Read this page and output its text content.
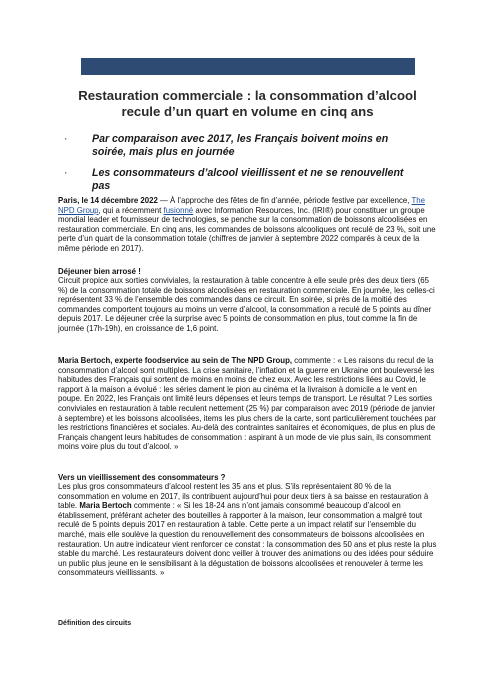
Restauration commerciale : la consommation d’alcool
recule d’un quart en volume en cinq ans
· Par comparaison avec 2017, les Français boivent moins en soirée, mais plus en journée
· Les consommateurs d’alcool vieillissent et ne se renouvellent pas
Paris, le 14 décembre 2022 — À l’approche des fêtes de fin d’année, période festive par excellence, The NPD Group, qui a récemment fusionné avec Information Resources, Inc. (IRI®) pour constituer un groupe mondial leader et fournisseur de technologies, se penche sur la consommation de boissons alcoolisées en restauration commerciale. En cinq ans, les commandes de boissons alcooliques ont reculé de 23 %, soit une perte d’un quart de la consommation totale (chiffres de janvier à septembre 2022 comparés à ceux de la même période en 2017).
Déjeuner bien arrosé !
Circuit propice aux sorties conviviales, la restauration à table concentre à elle seule près des deux tiers (65 %) de la consommation totale de boissons alcoolisées en restauration commerciale. En journée, les celles-ci représentent 33 % de l’ensemble des commandes dans ce circuit. En soirée, si près de la moitié des commandes comportent toujours au moins un verre d’alcool, la consommation a reculé de 5 points au dîner depuis 2017. Le déjeuner crée la surprise avec 5 points de consommation en plus, tout comme la fin de journée (17h-19h), en croissance de 1,6 point.
Maria Bertoch, experte foodservice au sein de The NPD Group, commente : « Les raisons du recul de la consommation d’alcool sont multiples. La crise sanitaire, l’inflation et la guerre en Ukraine ont bouleversé les habitudes des Français qui sortent de moins en moins de chez eux. Avec les restrictions liées au Covid, le rapport à la maison a évolué : les séries dament le pion au cinéma et la livraison à domicile a le vent en poupe. En 2022, les Français ont limité leurs dépenses et leurs temps de transport. Le résultat ? Les sorties conviviales en restauration à table reculent nettement (25 %) par comparaison avec 2019 (période de janvier à septembre) et les boissons alcoolisées, items les plus chers de la carte, sont particulièrement touchées par les restrictions financières et sociales. Au-delà des contraintes sanitaires et économiques, de plus en plus de Français changent leurs habitudes de consommation : aspirant à un mode de vie plus sain, ils consomment moins voire plus du tout d’alcool. »
Vers un vieillissement des consommateurs ?
Les plus gros consommateurs d’alcool restent les 35 ans et plus. S’ils représentaient 80 % de la consommation en volume en 2017, ils contribuent aujourd’hui pour deux tiers à sa baisse en restauration à table. Maria Bertoch commente : « Si les 18-24 ans n’ont jamais consommé beaucoup d’alcool en établissement, préférant acheter des bouteilles à rapporter à la maison, leur consommation a malgré tout reculé de 5 points depuis 2017 en restauration à table. Cette perte a un impact relatif sur l’ensemble du marché, mais elle soulève la question du renouvellement des consommateurs de boissons alcoolisées en restauration. Un autre indicateur vient renforcer ce constat : la consommation des 50 ans et plus reste la plus stable du marché. Les restaurateurs doivent donc veiller à trouver des animations ou des idées pour séduire un public plus jeune en le sensibilisant à la dégustation de boissons alcoolisées et renouveler à terme les consommateurs vieillissants. »
Définition des circuits
